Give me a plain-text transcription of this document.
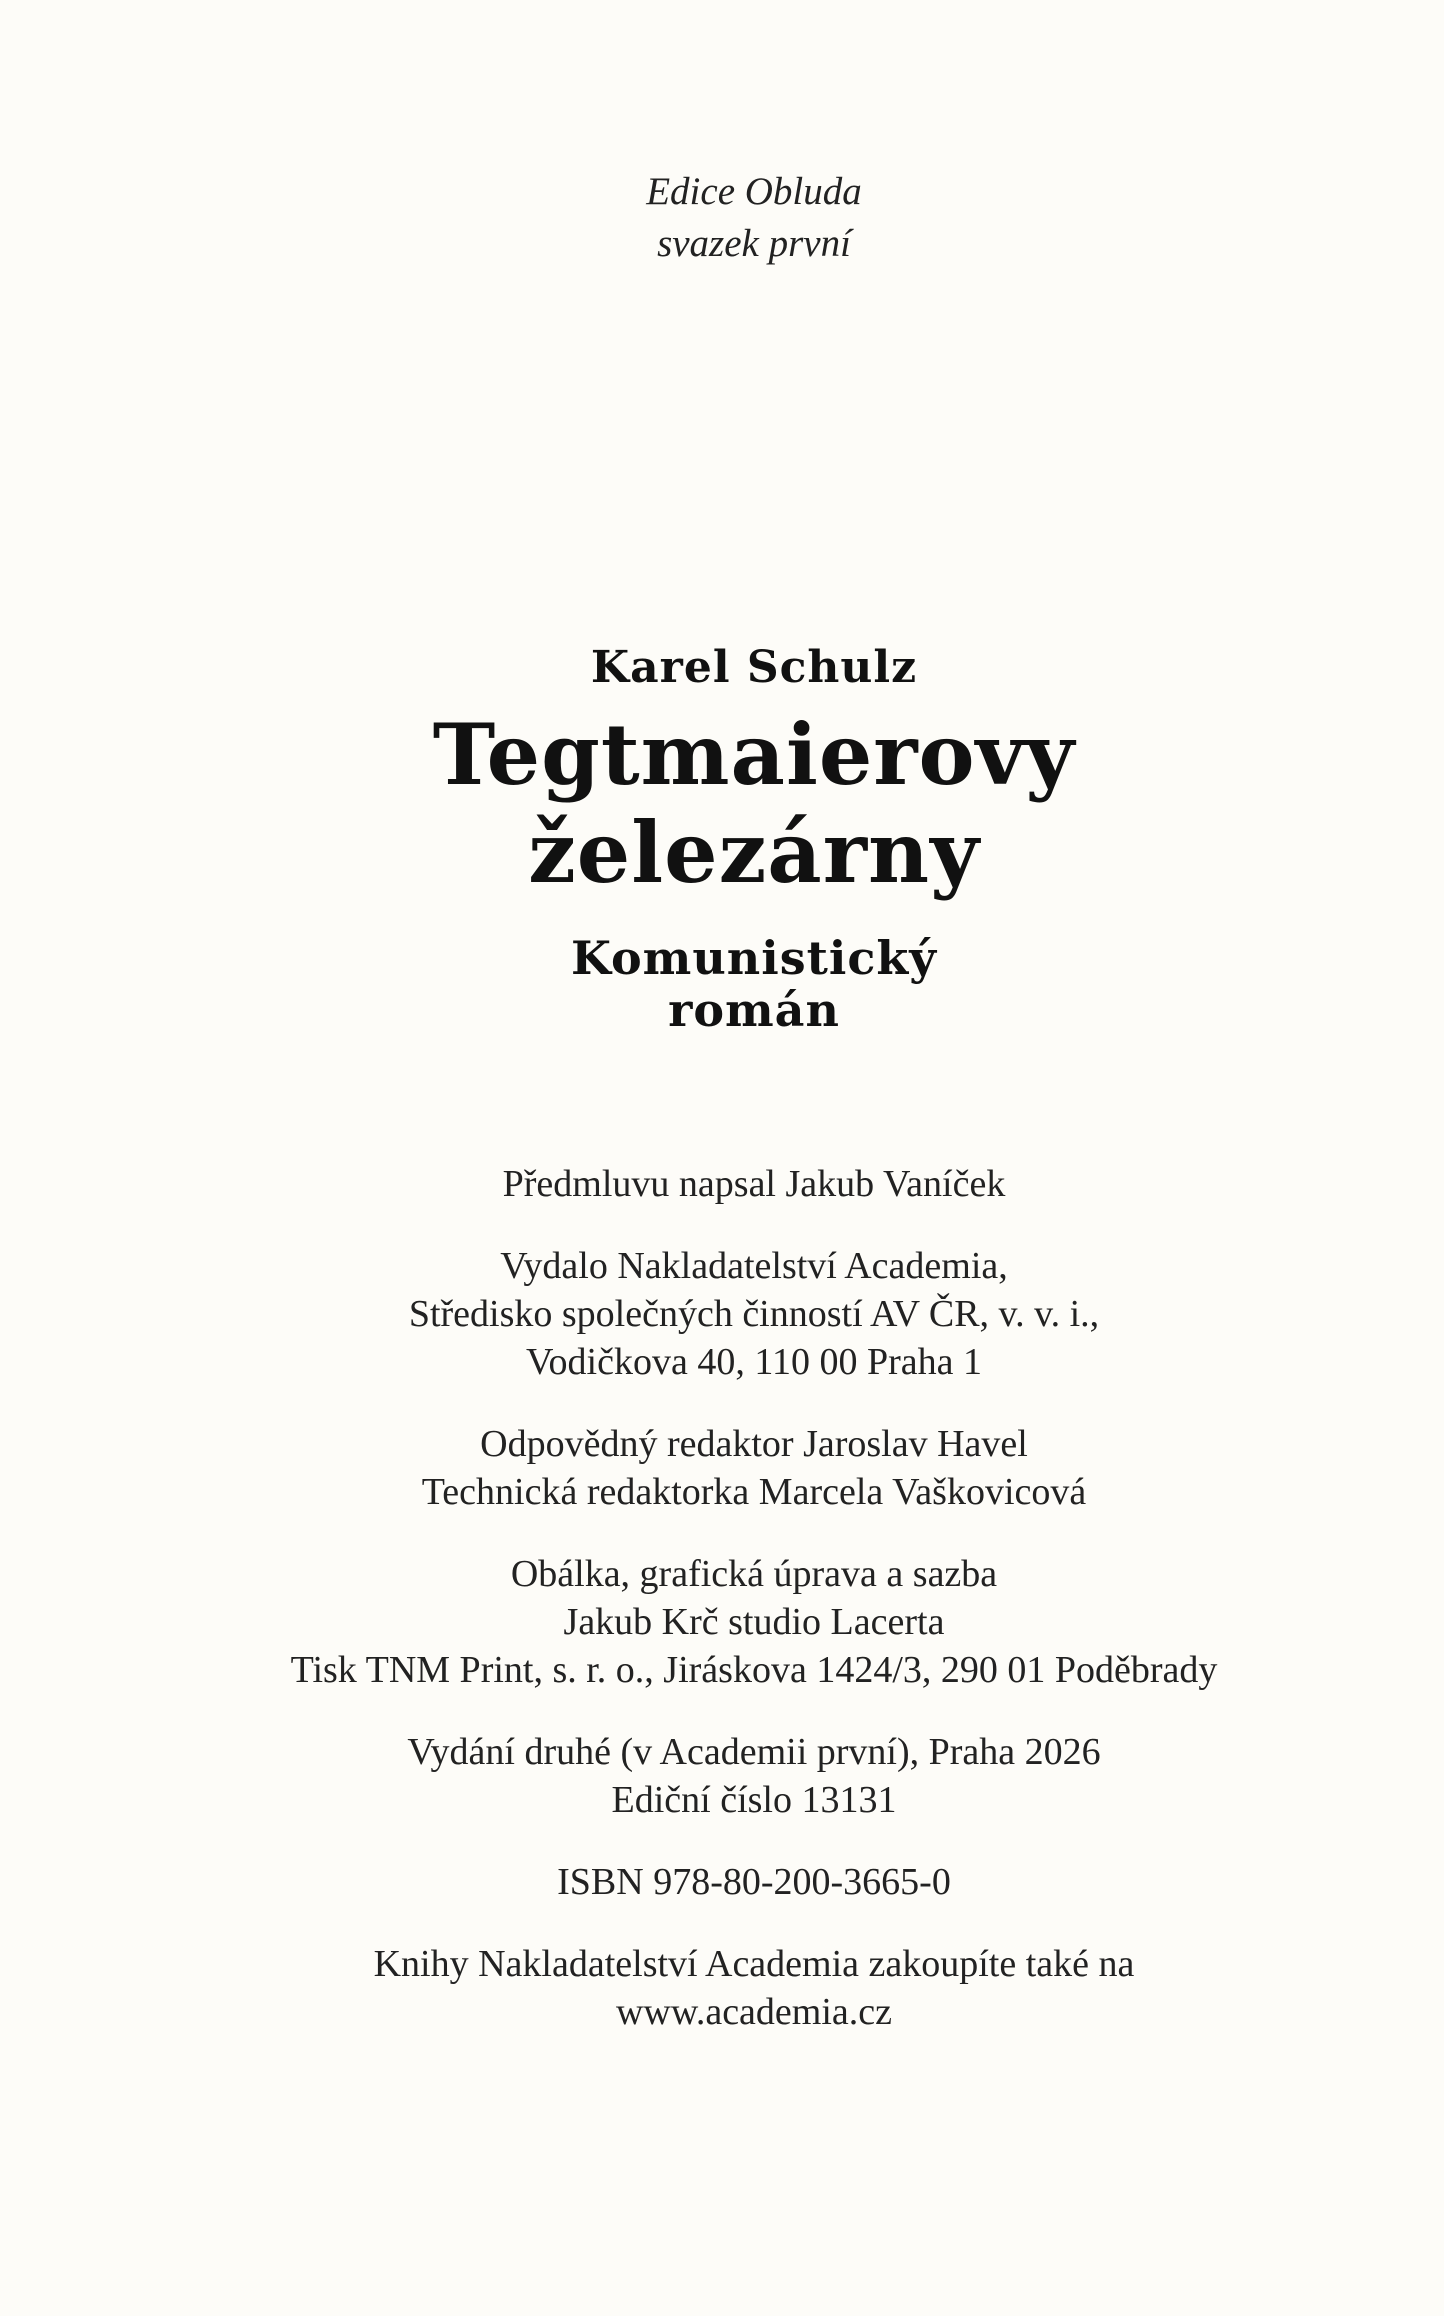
Edice Obluda
svazek první
Karel Schulz
Tegtmaierovy
železárny
Komunistický
román
Předmluvu napsal Jakub Vaníček
Vydalo Nakladatelství Academia,
Středisko společných činností AV ČR, v. v. i.,
Vodičkova 40, 110 00 Praha 1
Odpovědný redaktor Jaroslav Havel
Technická redaktorka Marcela Vaškovicová
Obálka, grafická úprava a sazba
Jakub Krč studio Lacerta
Tisk TNM Print, s. r. o., Jiráskova 1424/3, 290 01 Poděbrady
Vydání druhé (v Academii první), Praha 2026
Ediční číslo 13131
ISBN 978-80-200-3665-0
Knihy Nakladatelství Academia zakoupíte také na
www.academia.cz
